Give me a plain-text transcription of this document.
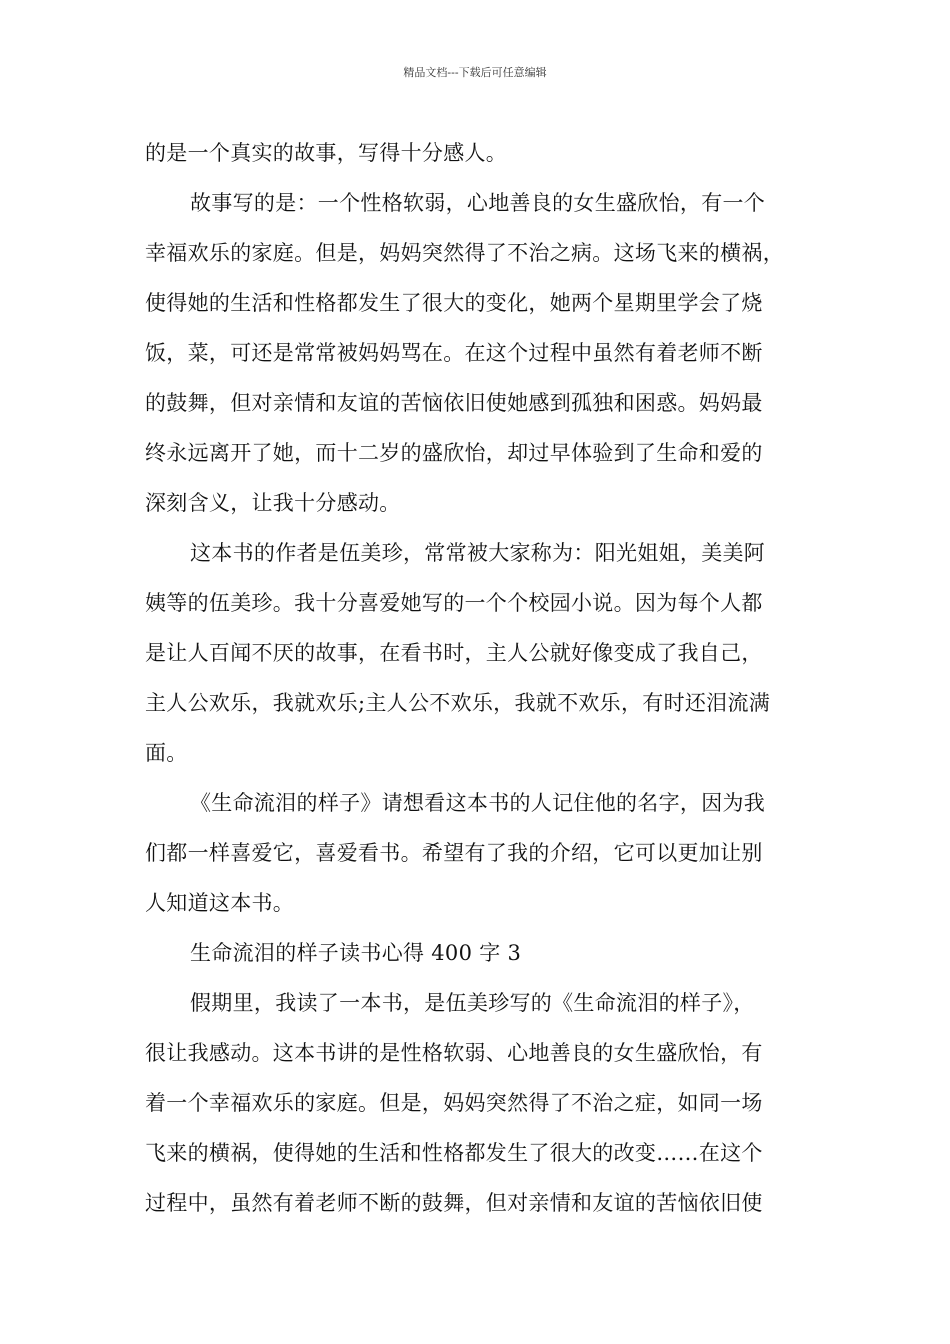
精品文档---下载后可任意编辑
的是一个真实的故事，写得十分感人。
故事写的是：一个性格软弱，心地善良的女生盛欣怡，有一个
幸福欢乐的家庭。但是，妈妈突然得了不治之病。这场飞来的横祸，
使得她的生活和性格都发生了很大的变化，她两个星期里学会了烧
饭，菜，可还是常常被妈妈骂在。在这个过程中虽然有着老师不断
的鼓舞，但对亲情和友谊的苦恼依旧使她感到孤独和困惑。妈妈最
终永远离开了她，而十二岁的盛欣怡，却过早体验到了生命和爱的
深刻含义，让我十分感动。
这本书的作者是伍美珍，常常被大家称为：阳光姐姐，美美阿
姨等的伍美珍。我十分喜爱她写的一个个校园小说。因为每个人都
是让人百闻不厌的故事，在看书时，主人公就好像变成了我自己，
主人公欢乐，我就欢乐;主人公不欢乐，我就不欢乐，有时还泪流满
面。
《生命流泪的样子》请想看这本书的人记住他的名字，因为我
们都一样喜爱它，喜爱看书。希望有了我的介绍，它可以更加让别
人知道这本书。
生命流泪的样子读书心得 400 字 3
假期里，我读了一本书，是伍美珍写的《生命流泪的样子》，
很让我感动。这本书讲的是性格软弱、心地善良的女生盛欣怡，有
着一个幸福欢乐的家庭。但是，妈妈突然得了不治之症，如同一场
飞来的横祸，使得她的生活和性格都发生了很大的改变……在这个
过程中，虽然有着老师不断的鼓舞，但对亲情和友谊的苦恼依旧使
